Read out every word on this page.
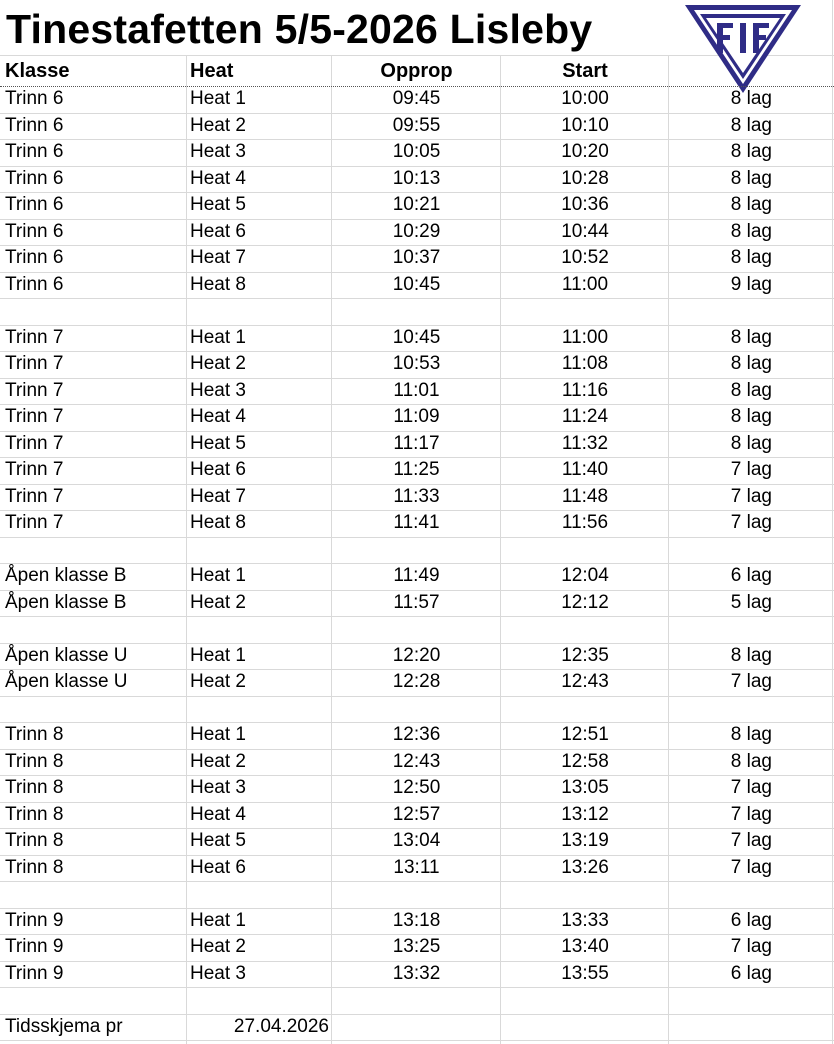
Tinestafetten 5/5-2026 Lisleby
Klasse	Heat	Opprop	Start
Trinn 6	Heat 1	09:45	10:00	8 lag
Trinn 6	Heat 2	09:55	10:10	8 lag
Trinn 6	Heat 3	10:05	10:20	8 lag
Trinn 6	Heat 4	10:13	10:28	8 lag
Trinn 6	Heat 5	10:21	10:36	8 lag
Trinn 6	Heat 6	10:29	10:44	8 lag
Trinn 6	Heat 7	10:37	10:52	8 lag
Trinn 6	Heat 8	10:45	11:00	9 lag
Trinn 7	Heat 1	10:45	11:00	8 lag
Trinn 7	Heat 2	10:53	11:08	8 lag
Trinn 7	Heat 3	11:01	11:16	8 lag
Trinn 7	Heat 4	11:09	11:24	8 lag
Trinn 7	Heat 5	11:17	11:32	8 lag
Trinn 7	Heat 6	11:25	11:40	7 lag
Trinn 7	Heat 7	11:33	11:48	7 lag
Trinn 7	Heat 8	11:41	11:56	7 lag
Åpen klasse B	Heat 1	11:49	12:04	6 lag
Åpen klasse B	Heat 2	11:57	12:12	5 lag
Åpen klasse U	Heat 1	12:20	12:35	8 lag
Åpen klasse U	Heat 2	12:28	12:43	7 lag
Trinn 8	Heat 1	12:36	12:51	8 lag
Trinn 8	Heat 2	12:43	12:58	8 lag
Trinn 8	Heat 3	12:50	13:05	7 lag
Trinn 8	Heat 4	12:57	13:12	7 lag
Trinn 8	Heat 5	13:04	13:19	7 lag
Trinn 8	Heat 6	13:11	13:26	7 lag
Trinn 9	Heat 1	13:18	13:33	6 lag
Trinn 9	Heat 2	13:25	13:40	7 lag
Trinn 9	Heat 3	13:32	13:55	6 lag
Tidsskjema pr	27.04.2026
